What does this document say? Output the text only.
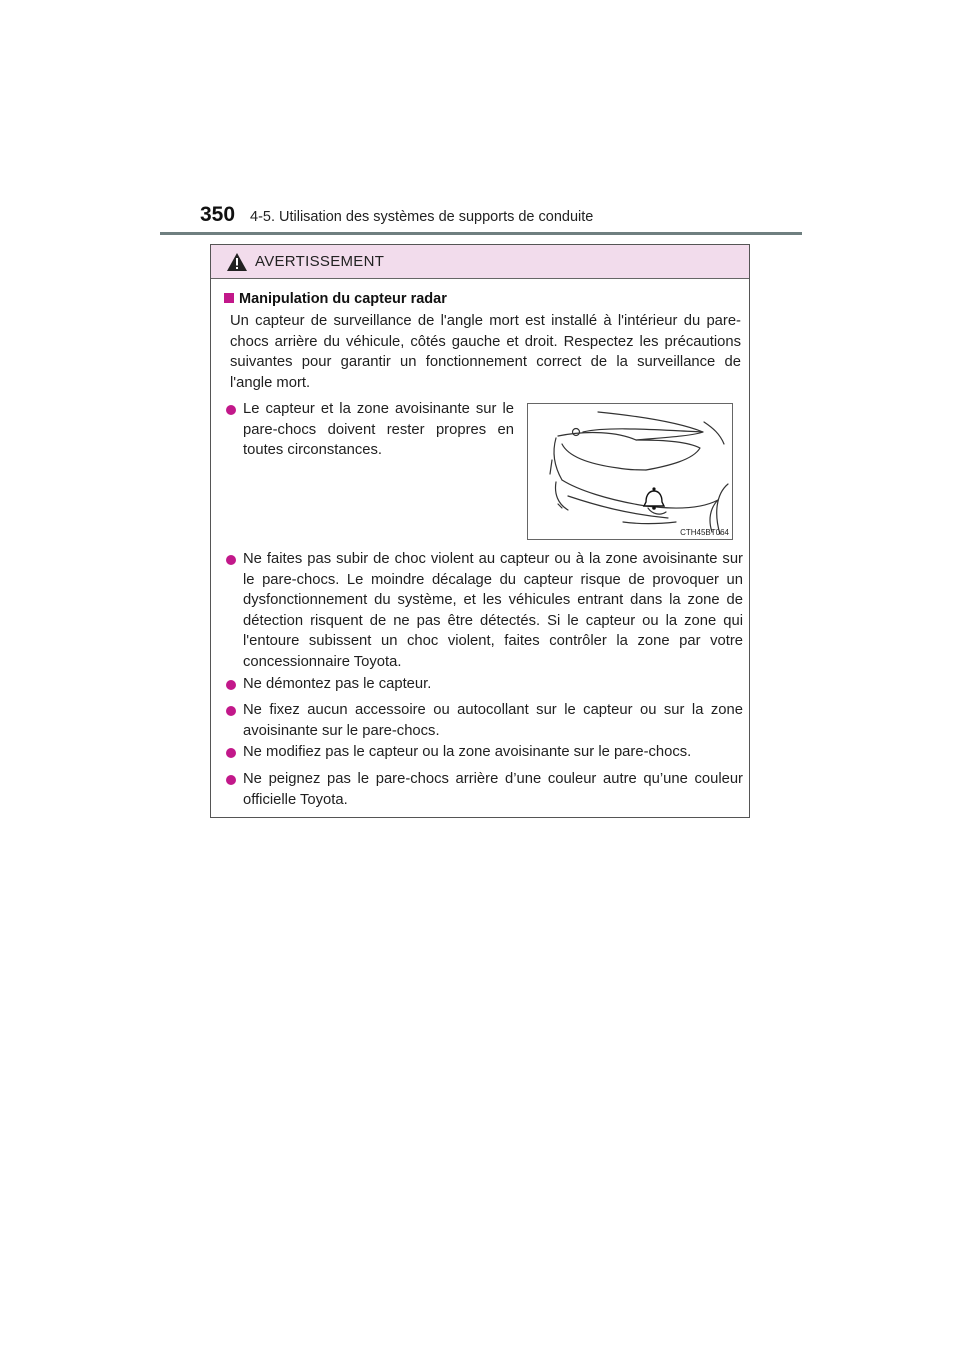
350 4-5. Utilisation des systèmes de supports de conduite
AVERTISSEMENT
Manipulation du capteur radar
Un capteur de surveillance de l'angle mort est installé à l'intérieur du pare-chocs arrière du véhicule, côtés gauche et droit. Respectez les précautions suivantes pour garantir un fonctionnement correct de la surveillance de l'angle mort.
Le capteur et la zone avoisinante sur le pare-chocs doivent rester propres en toutes circonstances.
CTH45BT064
Ne faites pas subir de choc violent au capteur ou à la zone avoisinante sur le pare-chocs. Le moindre décalage du capteur risque de provoquer un dysfonctionnement du système, et les véhicules entrant dans la zone de détection risquent de ne pas être détectés. Si le capteur ou la zone qui l'entoure subissent un choc violent, faites contrôler la zone par votre concessionnaire Toyota.
Ne démontez pas le capteur.
Ne fixez aucun accessoire ou autocollant sur le capteur ou sur la zone avoisinante sur le pare-chocs.
Ne modifiez pas le capteur ou la zone avoisinante sur le pare-chocs.
Ne peignez pas le pare-chocs arrière d’une couleur autre qu’une couleur officielle Toyota.
